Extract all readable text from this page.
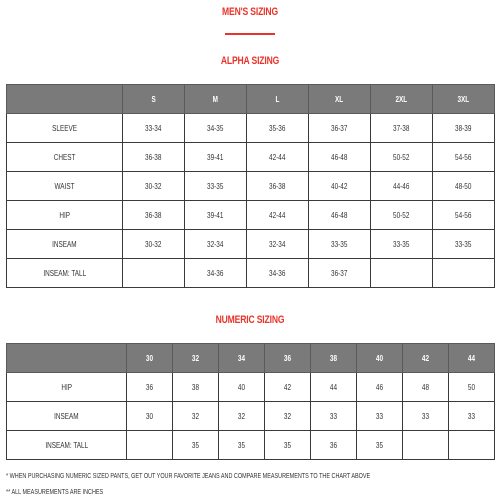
MEN'S SIZING
ALPHA SIZING
	S	M	L	XL	2XL	3XL
SLEEVE	33-34	34-35	35-36	36-37	37-38	38-39
CHEST	36-38	39-41	42-44	46-48	50-52	54-56
WAIST	30-32	33-35	36-38	40-42	44-46	48-50
HIP	36-38	39-41	42-44	46-48	50-52	54-56
INSEAM	30-32	32-34	32-34	33-35	33-35	33-35
INSEAM: TALL		34-36	34-36	36-37		
NUMERIC SIZING
	30	32	34	36	38	40	42	44
HIP	36	38	40	42	44	46	48	50
INSEAM	30	32	32	32	33	33	33	33
INSEAM: TALL		35	35	35	36	35		
* WHEN PURCHASING NUMERIC SIZED PANTS, GET OUT YOUR FAVORITE JEANS AND COMPARE MEASUREMENTS TO THE CHART ABOVE
** ALL MEASUREMENTS ARE INCHES
